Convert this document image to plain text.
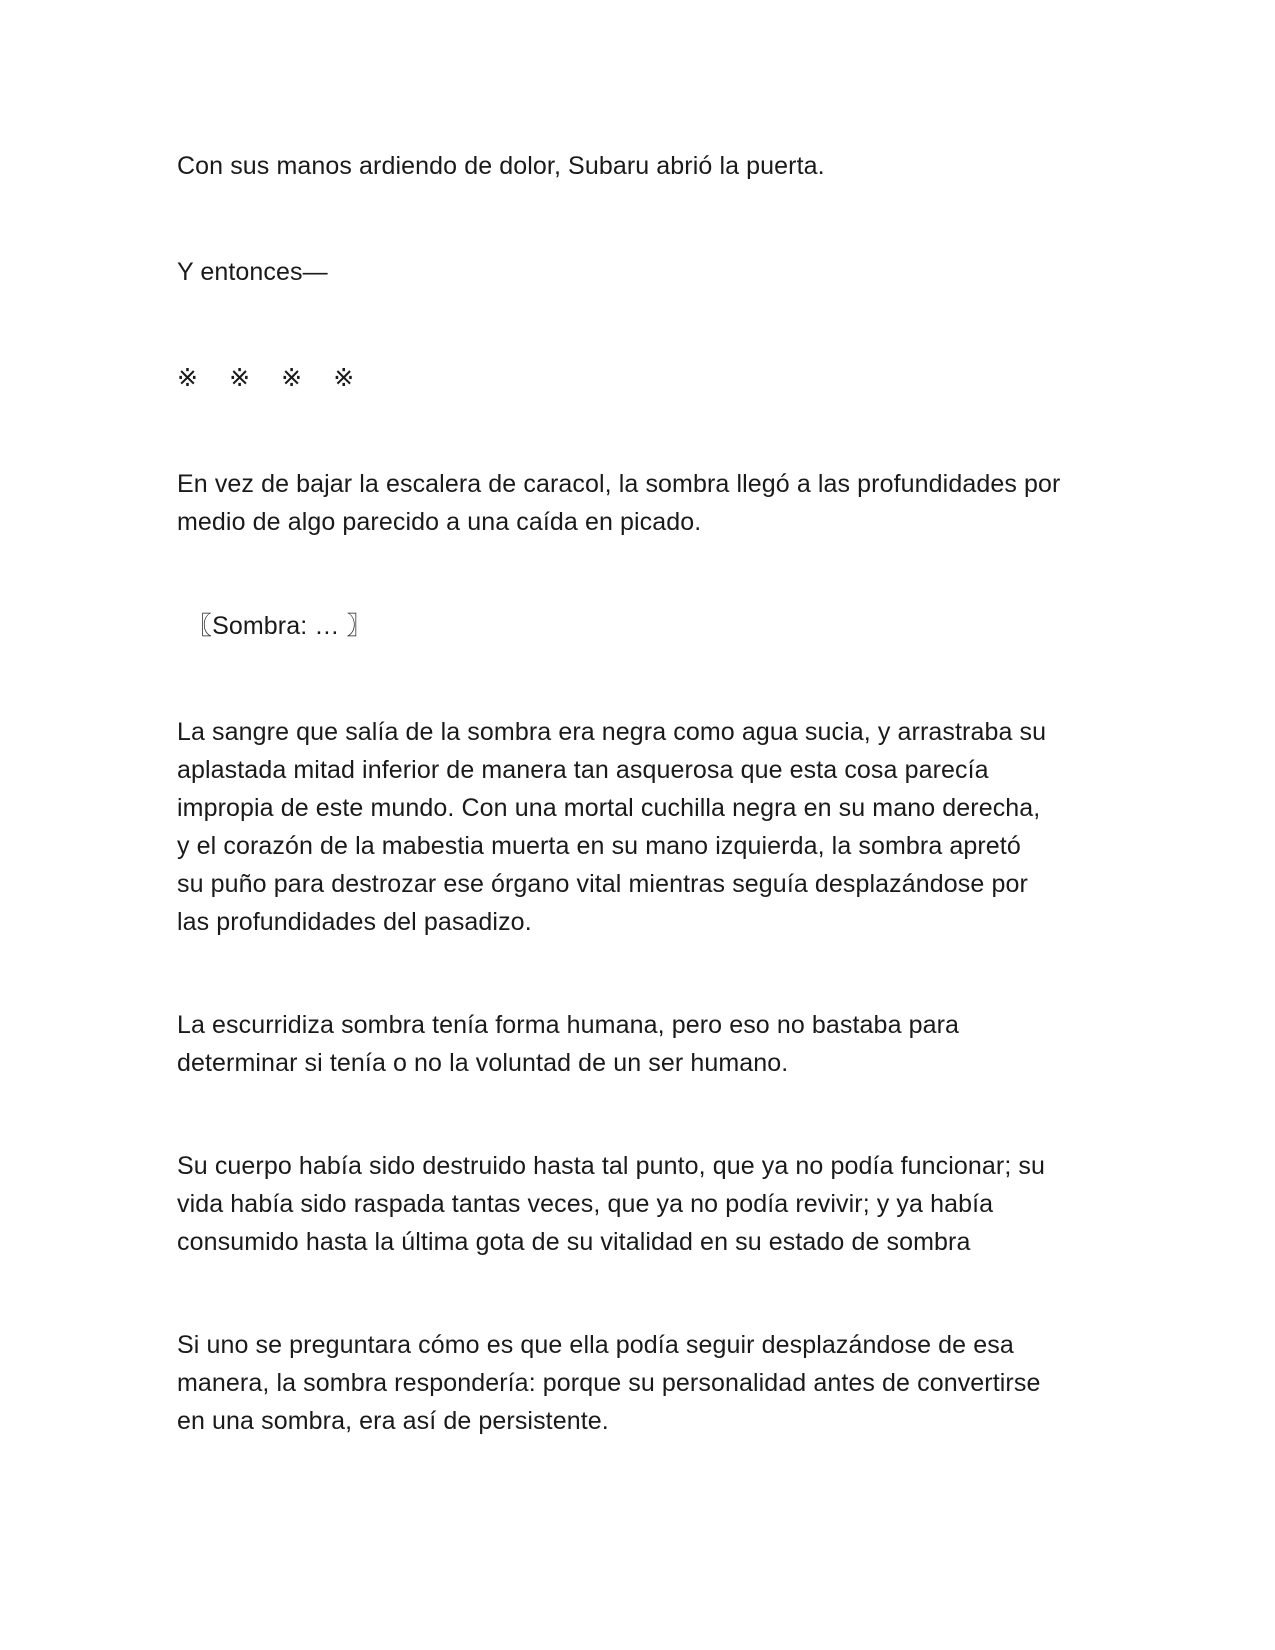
Con sus manos ardiendo de dolor, Subaru abrió la puerta.
Y entonces—
※ ※ ※ ※
En vez de bajar la escalera de caracol, la sombra llegó a las profundidades por
medio de algo parecido a una caída en picado.
〖Sombra: … 〗
La sangre que salía de la sombra era negra como agua sucia, y arrastraba su
aplastada mitad inferior de manera tan asquerosa que esta cosa parecía
impropia de este mundo. Con una mortal cuchilla negra en su mano derecha,
y el corazón de la mabestia muerta en su mano izquierda, la sombra apretó
su puño para destrozar ese órgano vital mientras seguía desplazándose por
las profundidades del pasadizo.
La escurridiza sombra tenía forma humana, pero eso no bastaba para
determinar si tenía o no la voluntad de un ser humano.
Su cuerpo había sido destruido hasta tal punto, que ya no podía funcionar; su
vida había sido raspada tantas veces, que ya no podía revivir; y ya había
consumido hasta la última gota de su vitalidad en su estado de sombra
Si uno se preguntara cómo es que ella podía seguir desplazándose de esa
manera, la sombra respondería: porque su personalidad antes de convertirse
en una sombra, era así de persistente.
